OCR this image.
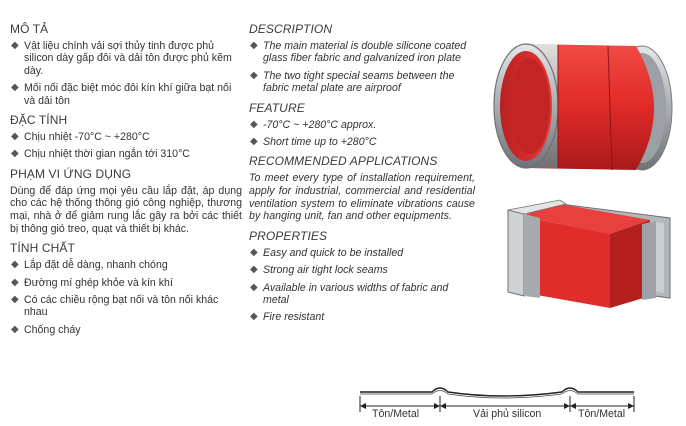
MÔ TẢ
◆ Vật liệu chính vải sợi thủy tinh được phủ silicon dày gấp đôi và dải tôn được phủ kẽm dày.
◆ Mối nối đặc biệt móc đôi kín khí giữa bạt nối và dải tôn
ĐẶC TÍNH
◆ Chịu nhiệt -70°C ~ +280°C
◆ Chịu nhiệt thời gian ngắn tới 310°C
PHẠM VI ỨNG DỤNG

Dùng để đáp ứng mọi yêu cầu lắp đặt, áp dụng cho các hệ thống thông gió công nghiệp, thương mại, nhà ở để giảm rung lắc gây ra bởi các thiết bị thông gió treo, quạt và thiết bị khác.

TÍNH CHẤT
◆ Lắp đặt dễ dàng, nhanh chóng
◆ Đường mí ghép khỏe và kín khí
◆ Có các chiều rộng bạt nối và tôn nối khác nhau
◆ Chống cháy
DESCRIPTION
◆ The main material is double silicone coated glass fiber fabric and galvanized iron plate
◆ The two tight special seams between the fabric metal plate are airproof
FEATURE
◆ -70°C ~ +280°C approx.
◆ Short time up to +280°C
RECOMMENDED APPLICATIONS

To meet every type of installation requirement, apply for industrial, commercial and residential ventilation system to eliminate vibrations cause by hanging unit, fan and other equipments.

PROPERTIES
◆ Easy and quick to be installed
◆ Strong air tight lock seams
◆ Available in various widths of fabric and metal
◆ Fire resistant
Tôn/Metal	Vải phủ silicon	Tôn/Metal
